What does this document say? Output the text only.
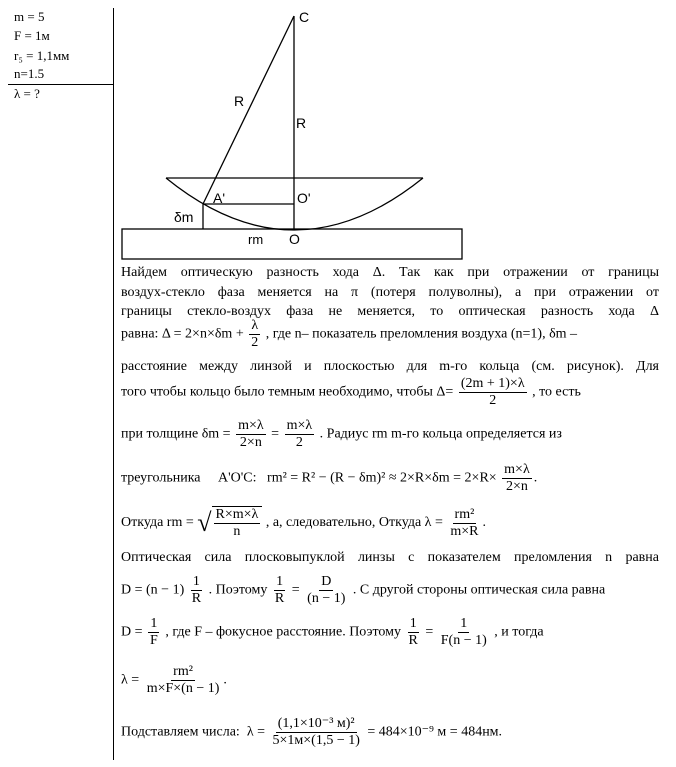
m = 5
F = 1м
r₅ = 1,1мм
n=1.5
λ = ?
C
R
R
A'	O'
δm
rm O
Найдем оптическую разность хода Δ. Так как при отражении от границы
воздух-стекло фаза меняется на π (потеря полуволны), а при отражении от
границы стекло-воздух фаза не меняется, то оптическая разность хода Δ
равна: $\Delta = 2\times n\times\delta m + \frac{\lambda}{2}$ , где n– показатель преломления воздуха (n=1), δm –
расстояние между линзой и плоскостью для m-го кольца (см. рисунок). Для
того чтобы кольцо было темным необходимо, чтобы $\Delta= \frac{(2m + 1)\times\lambda}{2}$ , то есть
при толщине $\delta m = \frac{m\times\lambda}{2\times n} = \frac{m\times\lambda}{2}$ . Радиус rm m-го кольца определяется из
треугольника A'O'C: $rm^2 = R^2 - (R - \delta m)^2 \approx 2\times R\times\delta m = 2\times R\times \frac{m\times\lambda}{2\times n}$ .
Откуда rm = √ $\frac{R\times m\times\lambda}{n}$ , а, следовательно, Откуда $\lambda = \frac{\text{rm²}}{m\times R}$ .
Оптическая сила плосковыпуклой линзы с показателем преломления n равна
$D = (n - 1) \frac{1}{R}$ . Поэтому $\frac{1}{R} = \frac{D}{(n - 1)}$ . С другой стороны оптическая сила равна
$D = \frac{1}{F}$ , где F – фокусное расстояние. Поэтому $\frac{1}{R} = \frac{1}{F(n - 1)}$ , и тогда
$\lambda = \frac{\text{rm²}}{m\times F\times(n - 1)}$ .
Подставляем числа: $\lambda = \frac{\text{(1,1×10⁻³ м)²}}{5\times 1м\times(1,5 - 1)} = 484\times 10^{-9}$ м = 484нм.
